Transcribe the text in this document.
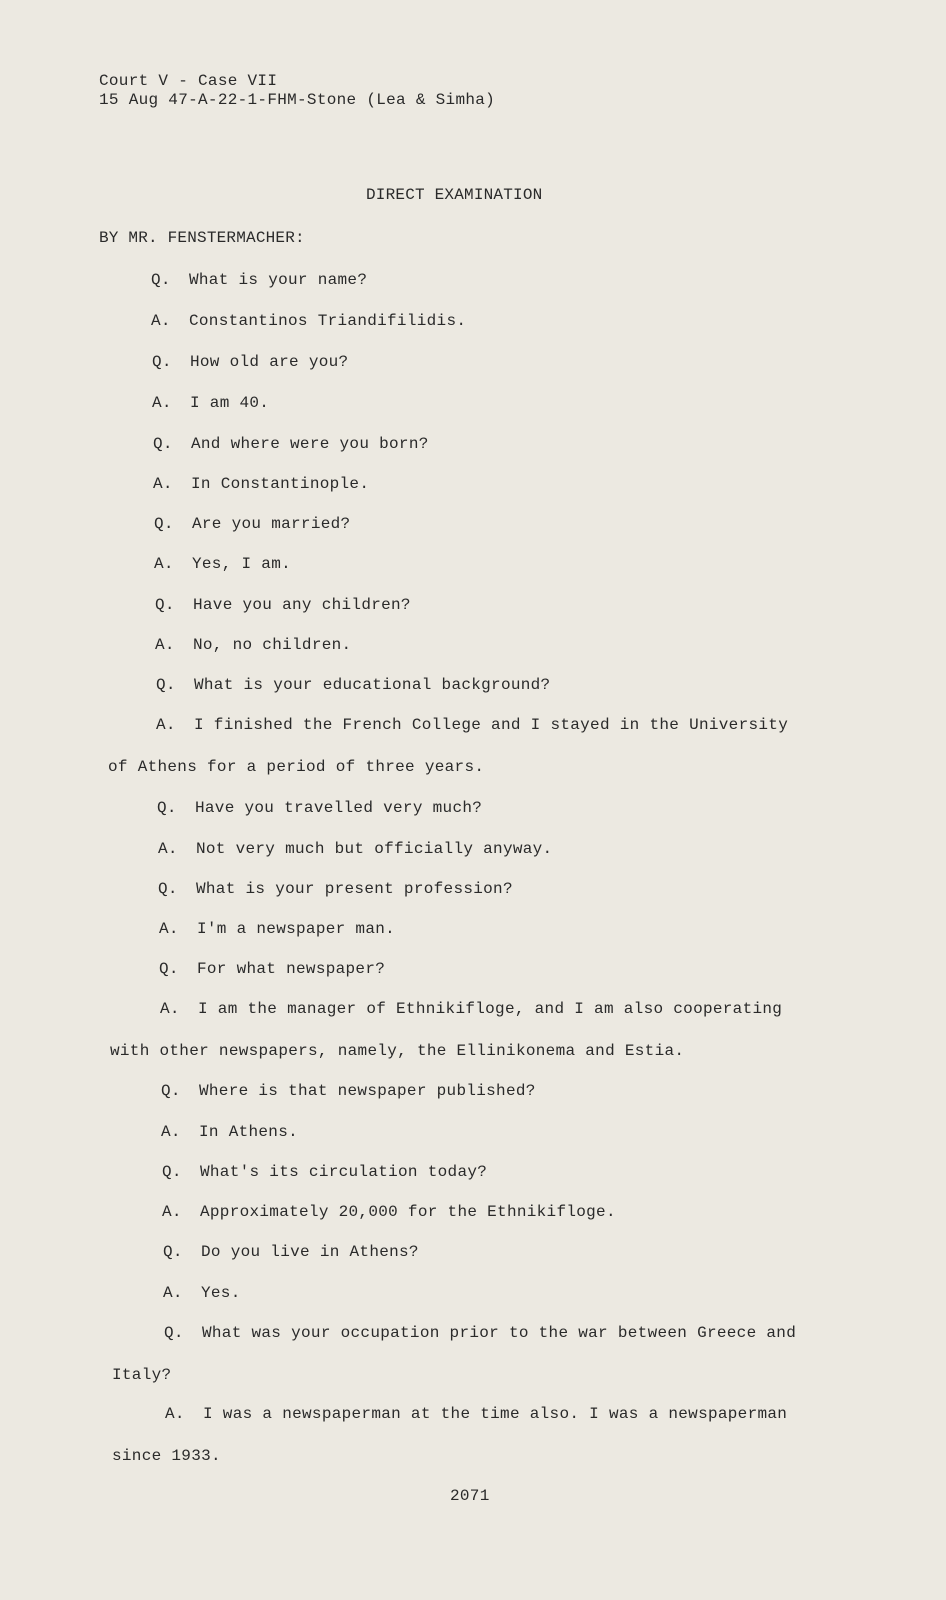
Court V - Case VII
15 Aug 47-A-22-1-FHM-Stone (Lea & Simha)
DIRECT EXAMINATION
BY MR. FENSTERMACHER:
Q. What is your name?
A. Constantinos Triandifilidis.
Q. How old are you?
A. I am 40.
Q. And where were you born?
A. In Constantinople.
Q. Are you married?
A. Yes, I am.
Q. Have you any children?
A. No, no children.
Q. What is your educational background?
A. I finished the French College and I stayed in the University
of Athens for a period of three years.
Q. Have you travelled very much?
A. Not very much but officially anyway.
Q. What is your present profession?
A. I'm a newspaper man.
Q. For what newspaper?
A. I am the manager of Ethnikifloge, and I am also cooperating
with other newspapers, namely, the Ellinikonema and Estia.
Q. Where is that newspaper published?
A. In Athens.
Q. What's its circulation today?
A. Approximately 20,000 for the Ethnikifloge.
Q. Do you live in Athens?
A. Yes.
Q. What was your occupation prior to the war between Greece and
Italy?
A. I was a newspaperman at the time also. I was a newspaperman
since 1933.
2071
